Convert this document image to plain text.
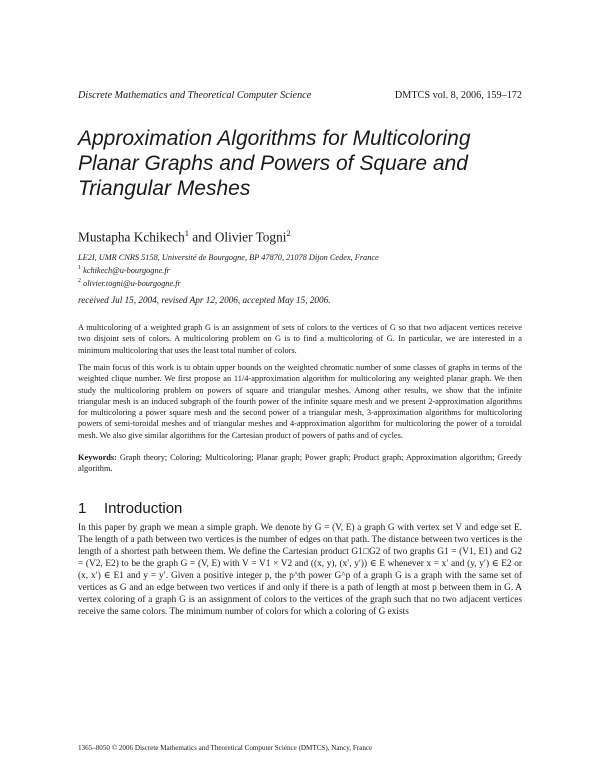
Discrete Mathematics and Theoretical Computer Science	DMTCS vol. 8, 2006, 159–172
Approximation Algorithms for Multicoloring
Planar Graphs and Powers of Square and
Triangular Meshes
Mustapha Kchikech$^1$ and Olivier Togni$^2$
LE2I, UMR CNRS 5158, Université de Bourgogne, BP 47870, 21078 Dijon Cedex, France
$^1$ kchikech@u-bourgogne.fr
$^2$ olivier.togni@u-bourgogne.fr
received Jul 15, 2004, revised Apr 12, 2006, accepted May 15, 2006.

A multicoloring of a weighted graph G is an assignment of sets of colors to the vertices of G so that two adjacent vertices receive two disjoint sets of colors. A multicoloring problem on G is to find a multicoloring of G. In particular, we are interested in a minimum multicoloring that uses the least total number of colors.

The main focus of this work is to obtain upper bounds on the weighted chromatic number of some classes of graphs in terms of the weighted clique number. We first propose an 11/4-approximation algorithm for multicoloring any weighted planar graph. We then study the multicoloring problem on powers of square and triangular meshes. Among other results, we show that the infinite triangular mesh is an induced subgraph of the fourth power of the infinite square mesh and we present 2-approximation algorithms for multicoloring a power square mesh and the second power of a triangular mesh, 3-approximation algorithms for multicoloring powers of semi-toroidal meshes and of triangular meshes and 4-approximation algorithm for multicoloring the power of a toroidal mesh. We also give similar algorithms for the Cartesian product of powers of paths and of cycles.

Keywords: Graph theory; Coloring; Multicoloring; Planar graph; Power graph; Product graph; Approximation algorithm; Greedy algorithm.

1 Introduction

In this paper by graph we mean a simple graph. We denote by G = (V, E) a graph G with vertex set V and edge set E. The length of a path between two vertices is the number of edges on that path. The distance between two vertices is the length of a shortest path between them. We define the Cartesian product G1□G2 of two graphs G1 = (V1, E1) and G2 = (V2, E2) to be the graph G = (V, E) with V = V1 × V2 and ((x, y), (x′, y′)) ∈ E whenever x = x′ and (y, y′) ∈ E2 or (x, x′) ∈ E1 and y = y′. Given a positive integer p, the p^th power G^p of a graph G is a graph with the same set of vertices as G and an edge between two vertices if and only if there is a path of length at most p between them in G. A vertex coloring of a graph G is an assignment of colors to the vertices of the graph such that no two adjacent vertices receive the same colors. The minimum number of colors for which a coloring of G exists

1365–8050 © 2006 Discrete Mathematics and Theoretical Computer Science (DMTCS), Nancy, France
